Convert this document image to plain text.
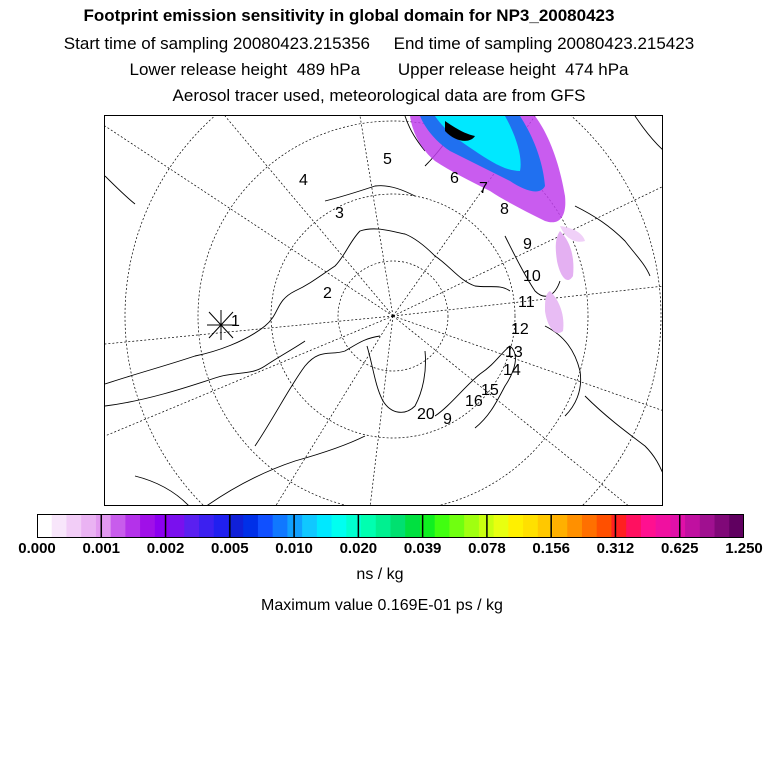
Footprint emission sensitivity in global domain for NP3_20080423
Start time of sampling 20080423.215356     End time of sampling 20080423.215423
Lower release height  489 hPa        Upper release height  474 hPa
Aerosol tracer used, meteorological data are from GFS
1
2
3
4
5
6
7
8
9
10
11
12
13
14
15
16
20 9
0.000 0.001 0.002 0.005 0.010 0.020 0.039 0.078 0.156 0.312 0.625 1.250
ns / kg
Maximum value 0.169E-01 ps / kg
